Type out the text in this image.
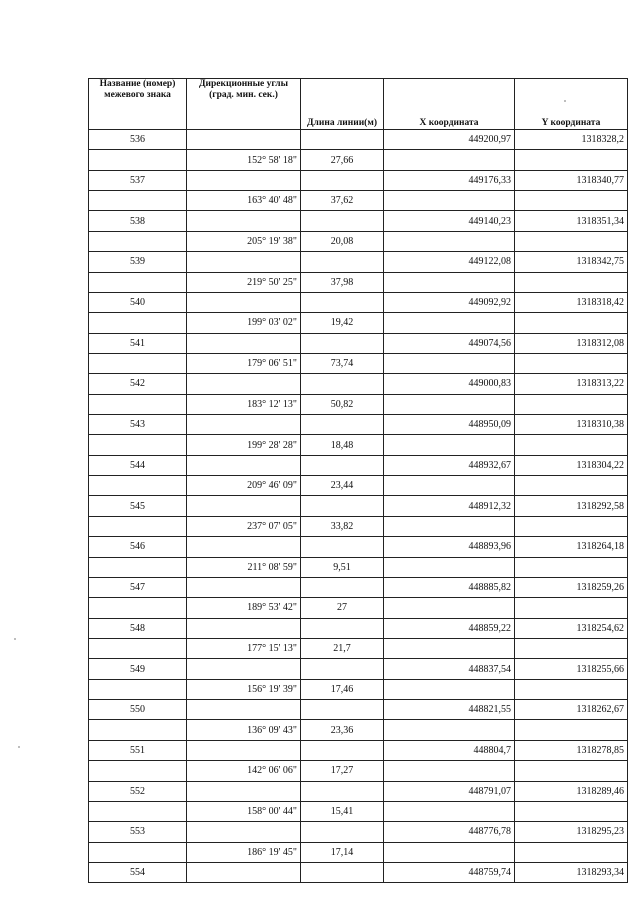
Название (номер) межевого знака	Дирекционные углы (град. мин. сек.)	Длина линии(м)	X координата	Y координата
536			449200,97	1318328,2
	152° 58' 18"	27,66		
537			449176,33	1318340,77
	163° 40' 48"	37,62		
538			449140,23	1318351,34
	205° 19' 38"	20,08		
539			449122,08	1318342,75
	219° 50' 25"	37,98		
540			449092,92	1318318,42
	199° 03' 02"	19,42		
541			449074,56	1318312,08
	179° 06' 51"	73,74		
542			449000,83	1318313,22
	183° 12' 13"	50,82		
543			448950,09	1318310,38
	199° 28' 28"	18,48		
544			448932,67	1318304,22
	209° 46' 09"	23,44		
545			448912,32	1318292,58
	237° 07' 05"	33,82		
546			448893,96	1318264,18
	211° 08' 59"	9,51		
547			448885,82	1318259,26
	189° 53' 42"	27		
548			448859,22	1318254,62
	177° 15' 13"	21,7		
549			448837,54	1318255,66
	156° 19' 39"	17,46		
550			448821,55	1318262,67
	136° 09' 43"	23,36		
551			448804,7	1318278,85
	142° 06' 06"	17,27		
552			448791,07	1318289,46
	158° 00' 44"	15,41		
553			448776,78	1318295,23
	186° 19' 45"	17,14		
554			448759,74	1318293,34
